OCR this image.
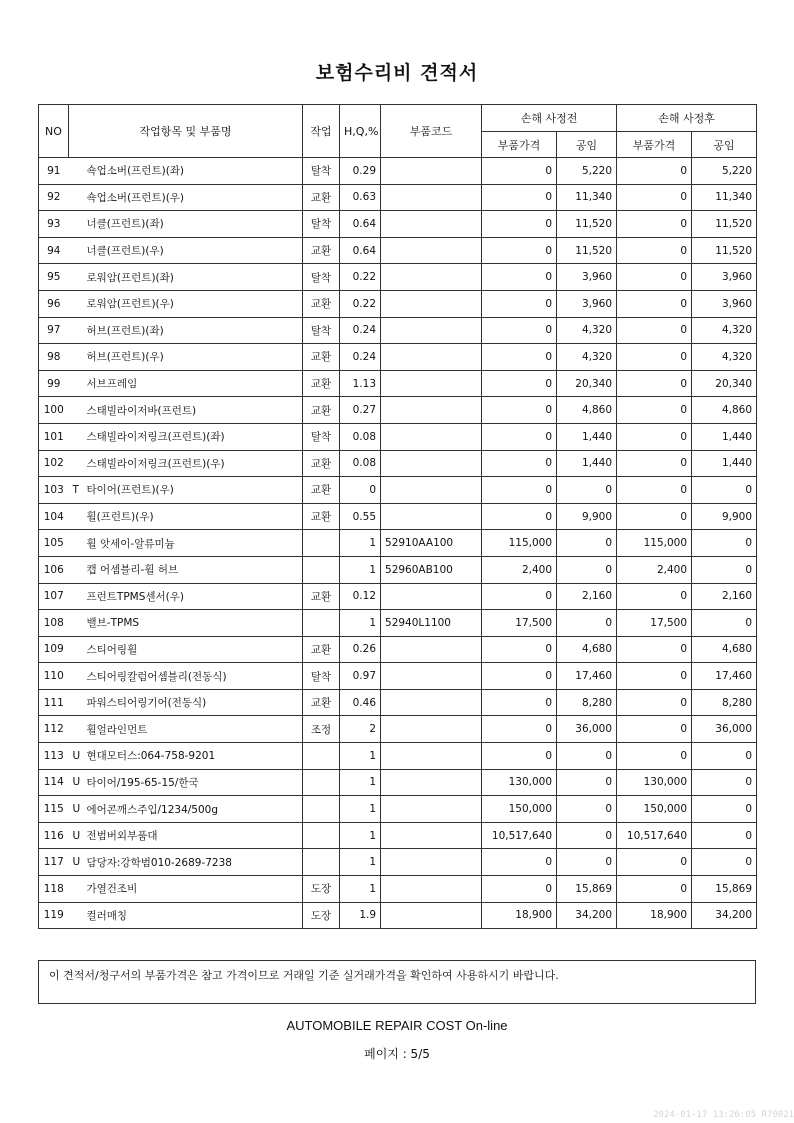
보험수리비 견적서
NO	작업항목 및 부품명		작업	H,Q,%	부품코드	손해 사정전		손해 사정후	
						부품가격	공임	부품가격	공임
91		쇽업소버(프런트)(좌)	탈착	0.29		0	5,220	0	5,220
92		쇽업소버(프런트)(우)	교환	0.63		0	11,340	0	11,340
93		너클(프런트)(좌)	탈착	0.64		0	11,520	0	11,520
94		너클(프런트)(우)	교환	0.64		0	11,520	0	11,520
95		로워암(프런트)(좌)	탈착	0.22		0	3,960	0	3,960
96		로워암(프런트)(우)	교환	0.22		0	3,960	0	3,960
97		허브(프런트)(좌)	탈착	0.24		0	4,320	0	4,320
98		허브(프런트)(우)	교환	0.24		0	4,320	0	4,320
99		서브프레임	교환	1.13		0	20,340	0	20,340
100		스태빌라이저바(프런트)	교환	0.27		0	4,860	0	4,860
101		스태빌라이저링크(프런트)(좌)	탈착	0.08		0	1,440	0	1,440
102		스태빌라이저링크(프런트)(우)	교환	0.08		0	1,440	0	1,440
103	T	타이어(프런트)(우)	교환	0		0	0	0	0
104		휠(프런트)(우)	교환	0.55		0	9,900	0	9,900
105		휠 앗세이-알류미늄		1	52910AA100	115,000	0	115,000	0
106		캡 어셈블리-휠 허브		1	52960AB100	2,400	0	2,400	0
107		프런트TPMS센서(우)	교환	0.12		0	2,160	0	2,160
108		밸브-TPMS		1	52940L1100	17,500	0	17,500	0
109		스티어링휠	교환	0.26		0	4,680	0	4,680
110		스티어링칼럼어셈블리(전동식)	탈착	0.97		0	17,460	0	17,460
111		파워스티어링기어(전동식)	교환	0.46		0	8,280	0	8,280
112		휠얼라인먼트	조정	2		0	36,000	0	36,000
113	U	현대모터스:064-758-9201		1		0	0	0	0
114	U	타이어/195-65-15/한국		1		130,000	0	130,000	0
115	U	에어콘깨스주입/1234/500g		1		150,000	0	150,000	0
116	U	전범버외부품대		1		10,517,640	0	10,517,640	0
117	U	담당자:강학범010-2689-7238		1		0	0	0	0
118		가열건조비	도장	1		0	15,869	0	15,869
119		컬러매칭	도장	1.9		18,900	34,200	18,900	34,200
이 견적서/청구서의 부품가격은 참고 가격이므로 거래일 기준 실거래가격을 확인하여 사용하시기 바랍니다.
AUTOMOBILE REPAIR COST On-line
페이지 : 5/5
2024-01-17 13:26:05 R70021
